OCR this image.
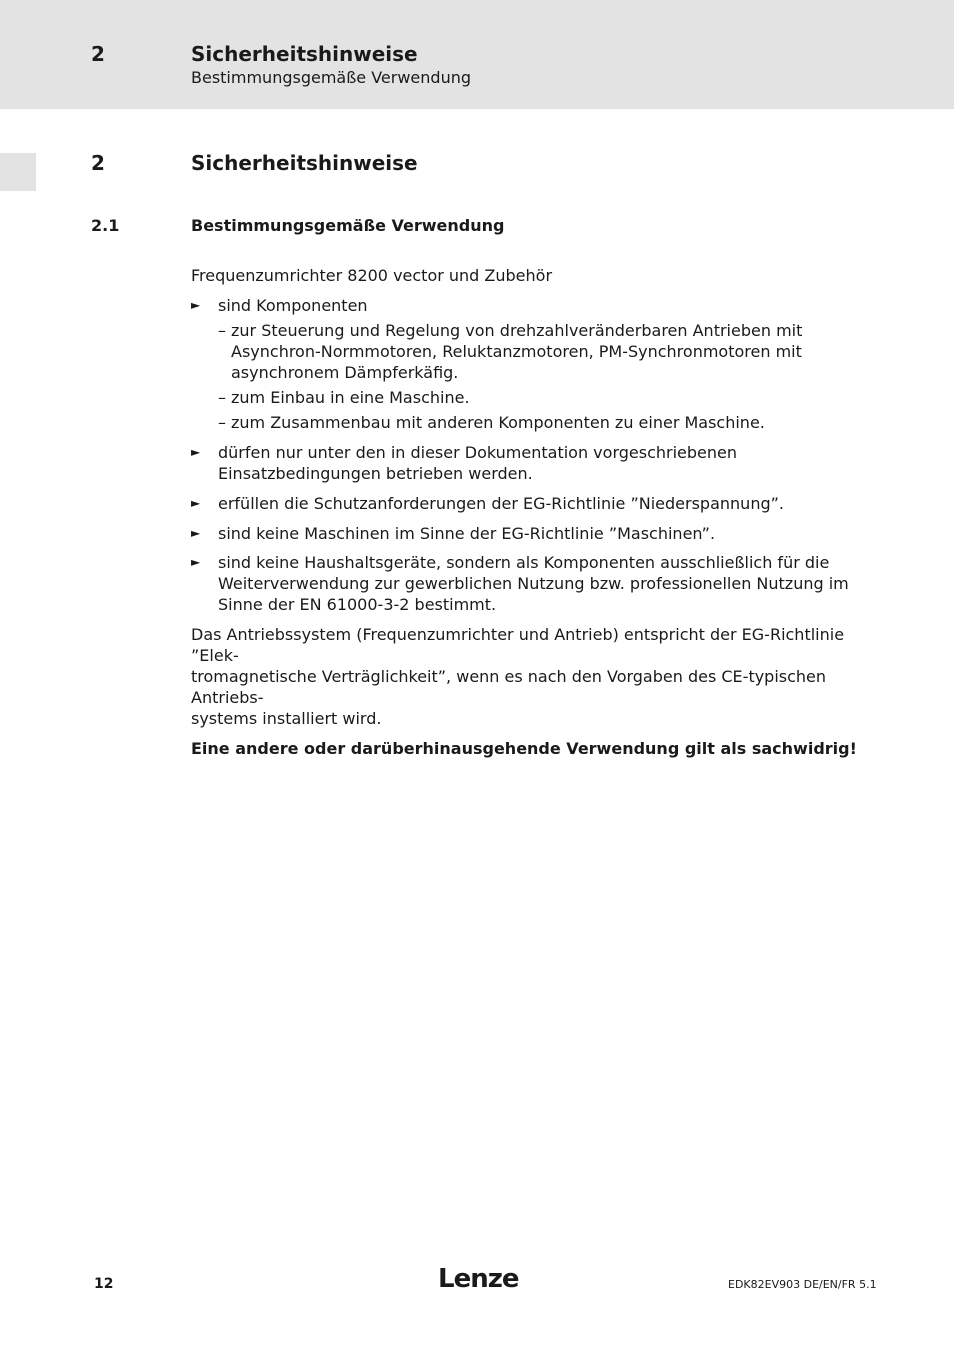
2	Sicherheitshinweise
Bestimmungsgemäße Verwendung
2	Sicherheitshinweise
2.1	Bestimmungsgemäße Verwendung

Frequenzumrichter 8200 vector und Zubehör

► sind Komponenten
– zur Steuerung und Regelung von drehzahlveränderbaren Antrieben mit
Asynchron-Normmotoren, Reluktanzmotoren, PM-Synchronmotoren mit
asynchronem Dämpferkäfig.
– zum Einbau in eine Maschine.
– zum Zusammenbau mit anderen Komponenten zu einer Maschine.
► dürfen nur unter den in dieser Dokumentation vorgeschriebenen
Einsatzbedingungen betrieben werden.
► erfüllen die Schutzanforderungen der EG-Richtlinie ”Niederspannung”.
► sind keine Maschinen im Sinne der EG-Richtlinie ”Maschinen”.
► sind keine Haushaltsgeräte, sondern als Komponenten ausschließlich für die
Weiterverwendung zur gewerblichen Nutzung bzw. professionellen Nutzung im
Sinne der EN 61000-3-2 bestimmt.
Das Antriebssystem (Frequenzumrichter und Antrieb) entspricht der EG-Richtlinie ”Elek-
tromagnetische Verträglichkeit”, wenn es nach den Vorgaben des CE-typischen Antriebs-
systems installiert wird.

Eine andere oder darüberhinausgehende Verwendung gilt als sachwidrig!

12	Lenze	EDK82EV903 DE/EN/FR 5.1
